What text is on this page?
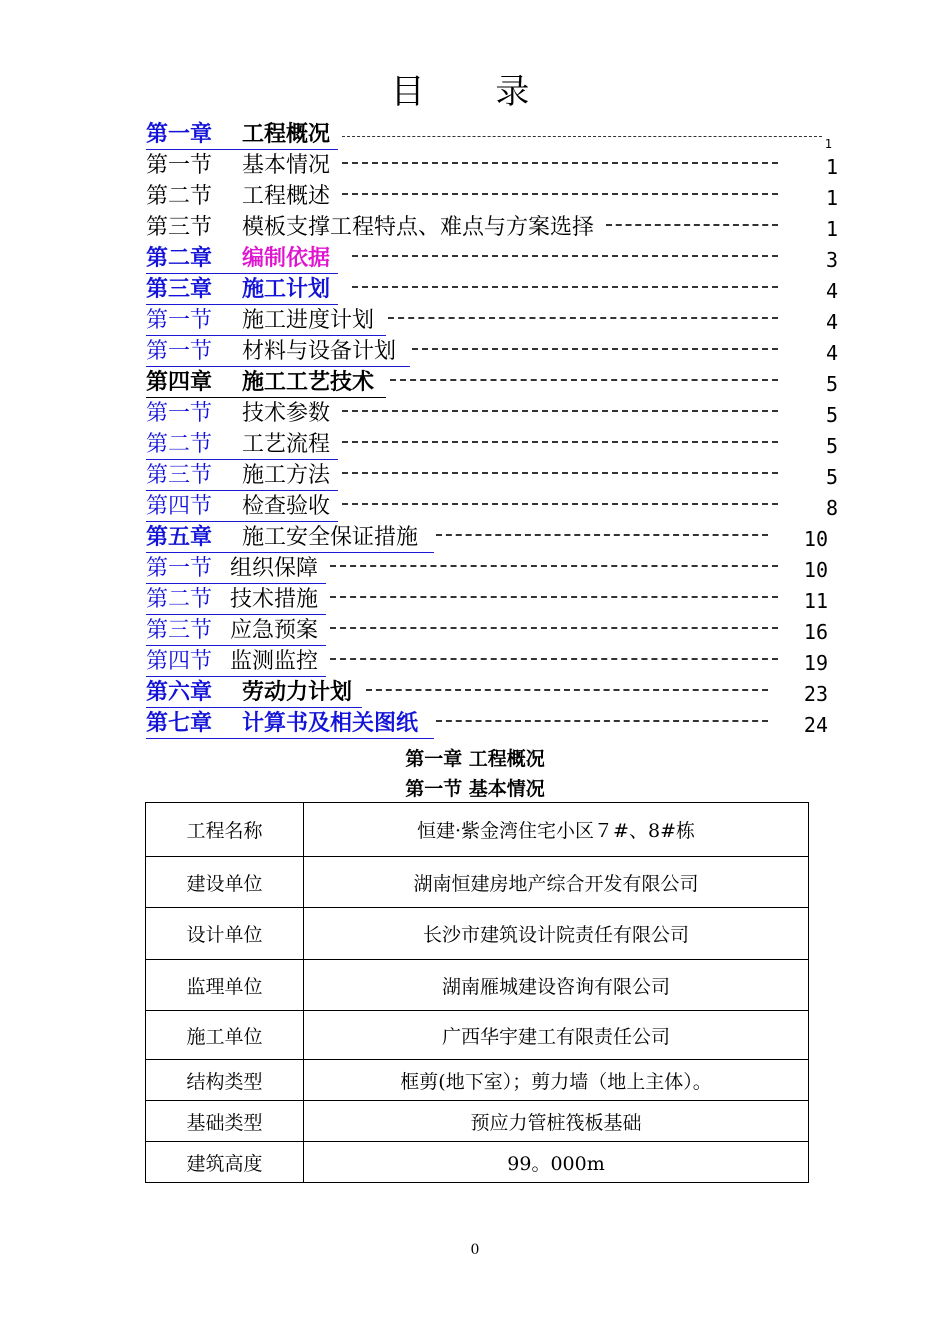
目 录
第一章 工程概况	1
第一节 基本情况	1
第二节 工程概述	1
第三节 模板支撑工程特点、难点与方案选择	1
第二章 编制依据	3
第三章 施工计划	4
第一节 施工进度计划	4
第一节 材料与设备计划	4
第四章 施工工艺技术	5
第一节 技术参数	5
第二节 工艺流程	5
第三节 施工方法	5
第四节 检查验收	8
第五章 施工安全保证措施	10
第一节 组织保障	10
第二节 技术措施	11
第三节 应急预案	16
第四节 监测监控	19
第六章 劳动力计划	23
第七章 计算书及相关图纸	24
第一章 工程概况
第一节 基本情况
工程名称	恒建·紫金湾住宅小区７#、8#栋
建设单位	湖南恒建房地产综合开发有限公司
设计单位	长沙市建筑设计院责任有限公司
监理单位	湖南雁城建设咨询有限公司
施工单位	广西华宇建工有限责任公司
结构类型	框剪(地下室）；剪力墙（地上主体）。
基础类型	预应力管桩筏板基础
建筑高度	99。000m
0
